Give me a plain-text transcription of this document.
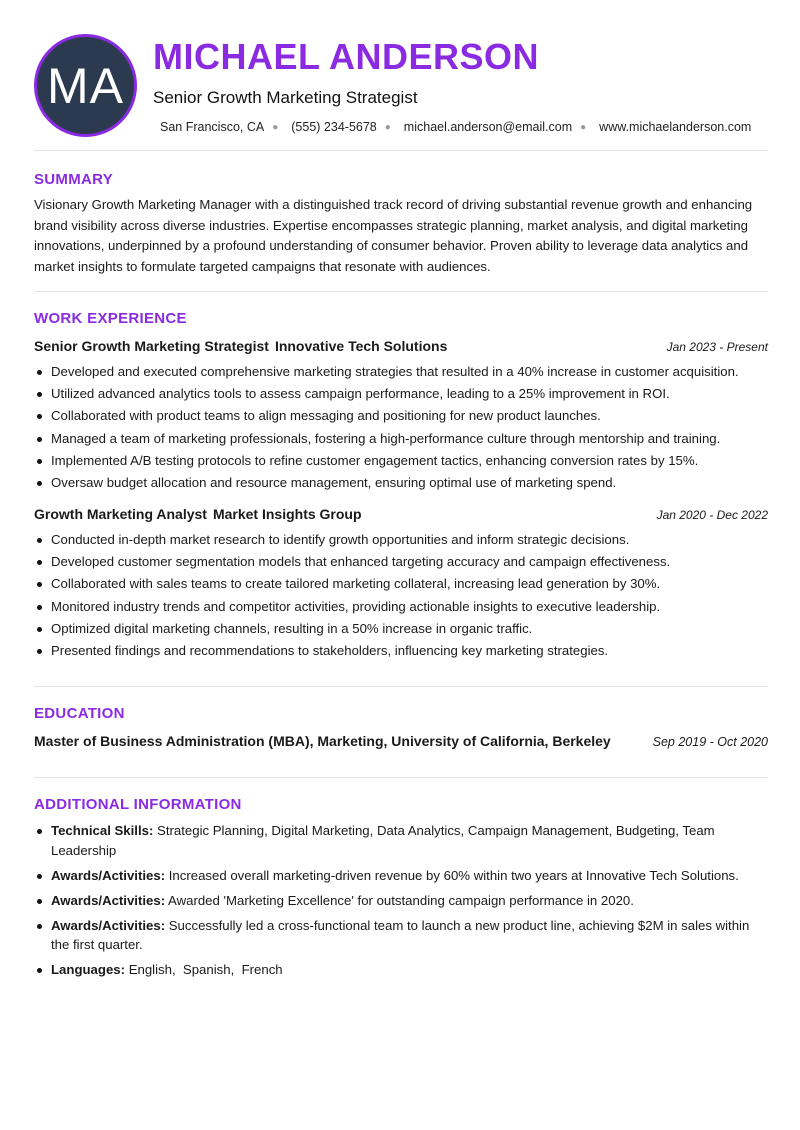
MA
MICHAEL ANDERSON
Senior Growth Marketing Strategist
San Francisco, CA ● (555) 234-5678 ● michael.anderson@email.com ● www.michaelanderson.com
SUMMARY
Visionary Growth Marketing Manager with a distinguished track record of driving substantial revenue growth and enhancing brand visibility across diverse industries. Expertise encompasses strategic planning, market analysis, and digital marketing innovations, underpinned by a profound understanding of consumer behavior. Proven ability to leverage data analytics and market insights to formulate targeted campaigns that resonate with audiences.
WORK EXPERIENCE
Senior Growth Marketing Strategist Innovative Tech Solutions	Jan 2023 - Present
Developed and executed comprehensive marketing strategies that resulted in a 40% increase in customer acquisition.
Utilized advanced analytics tools to assess campaign performance, leading to a 25% improvement in ROI.
Collaborated with product teams to align messaging and positioning for new product launches.
Managed a team of marketing professionals, fostering a high-performance culture through mentorship and training.
Implemented A/B testing protocols to refine customer engagement tactics, enhancing conversion rates by 15%.
Oversaw budget allocation and resource management, ensuring optimal use of marketing spend.
Growth Marketing Analyst Market Insights Group	Jan 2020 - Dec 2022
Conducted in-depth market research to identify growth opportunities and inform strategic decisions.
Developed customer segmentation models that enhanced targeting accuracy and campaign effectiveness.
Collaborated with sales teams to create tailored marketing collateral, increasing lead generation by 30%.
Monitored industry trends and competitor activities, providing actionable insights to executive leadership.
Optimized digital marketing channels, resulting in a 50% increase in organic traffic.
Presented findings and recommendations to stakeholders, influencing key marketing strategies.
EDUCATION
Master of Business Administration (MBA), Marketing, University of California, Berkeley	Sep 2019 - Oct 2020
ADDITIONAL INFORMATION
Technical Skills: Strategic Planning, Digital Marketing, Data Analytics, Campaign Management, Budgeting, Team Leadership
Awards/Activities: Increased overall marketing-driven revenue by 60% within two years at Innovative Tech Solutions.
Awards/Activities: Awarded 'Marketing Excellence' for outstanding campaign performance in 2020.
Awards/Activities: Successfully led a cross-functional team to launch a new product line, achieving $2M in sales within the first quarter.
Languages: English,  Spanish,  French
